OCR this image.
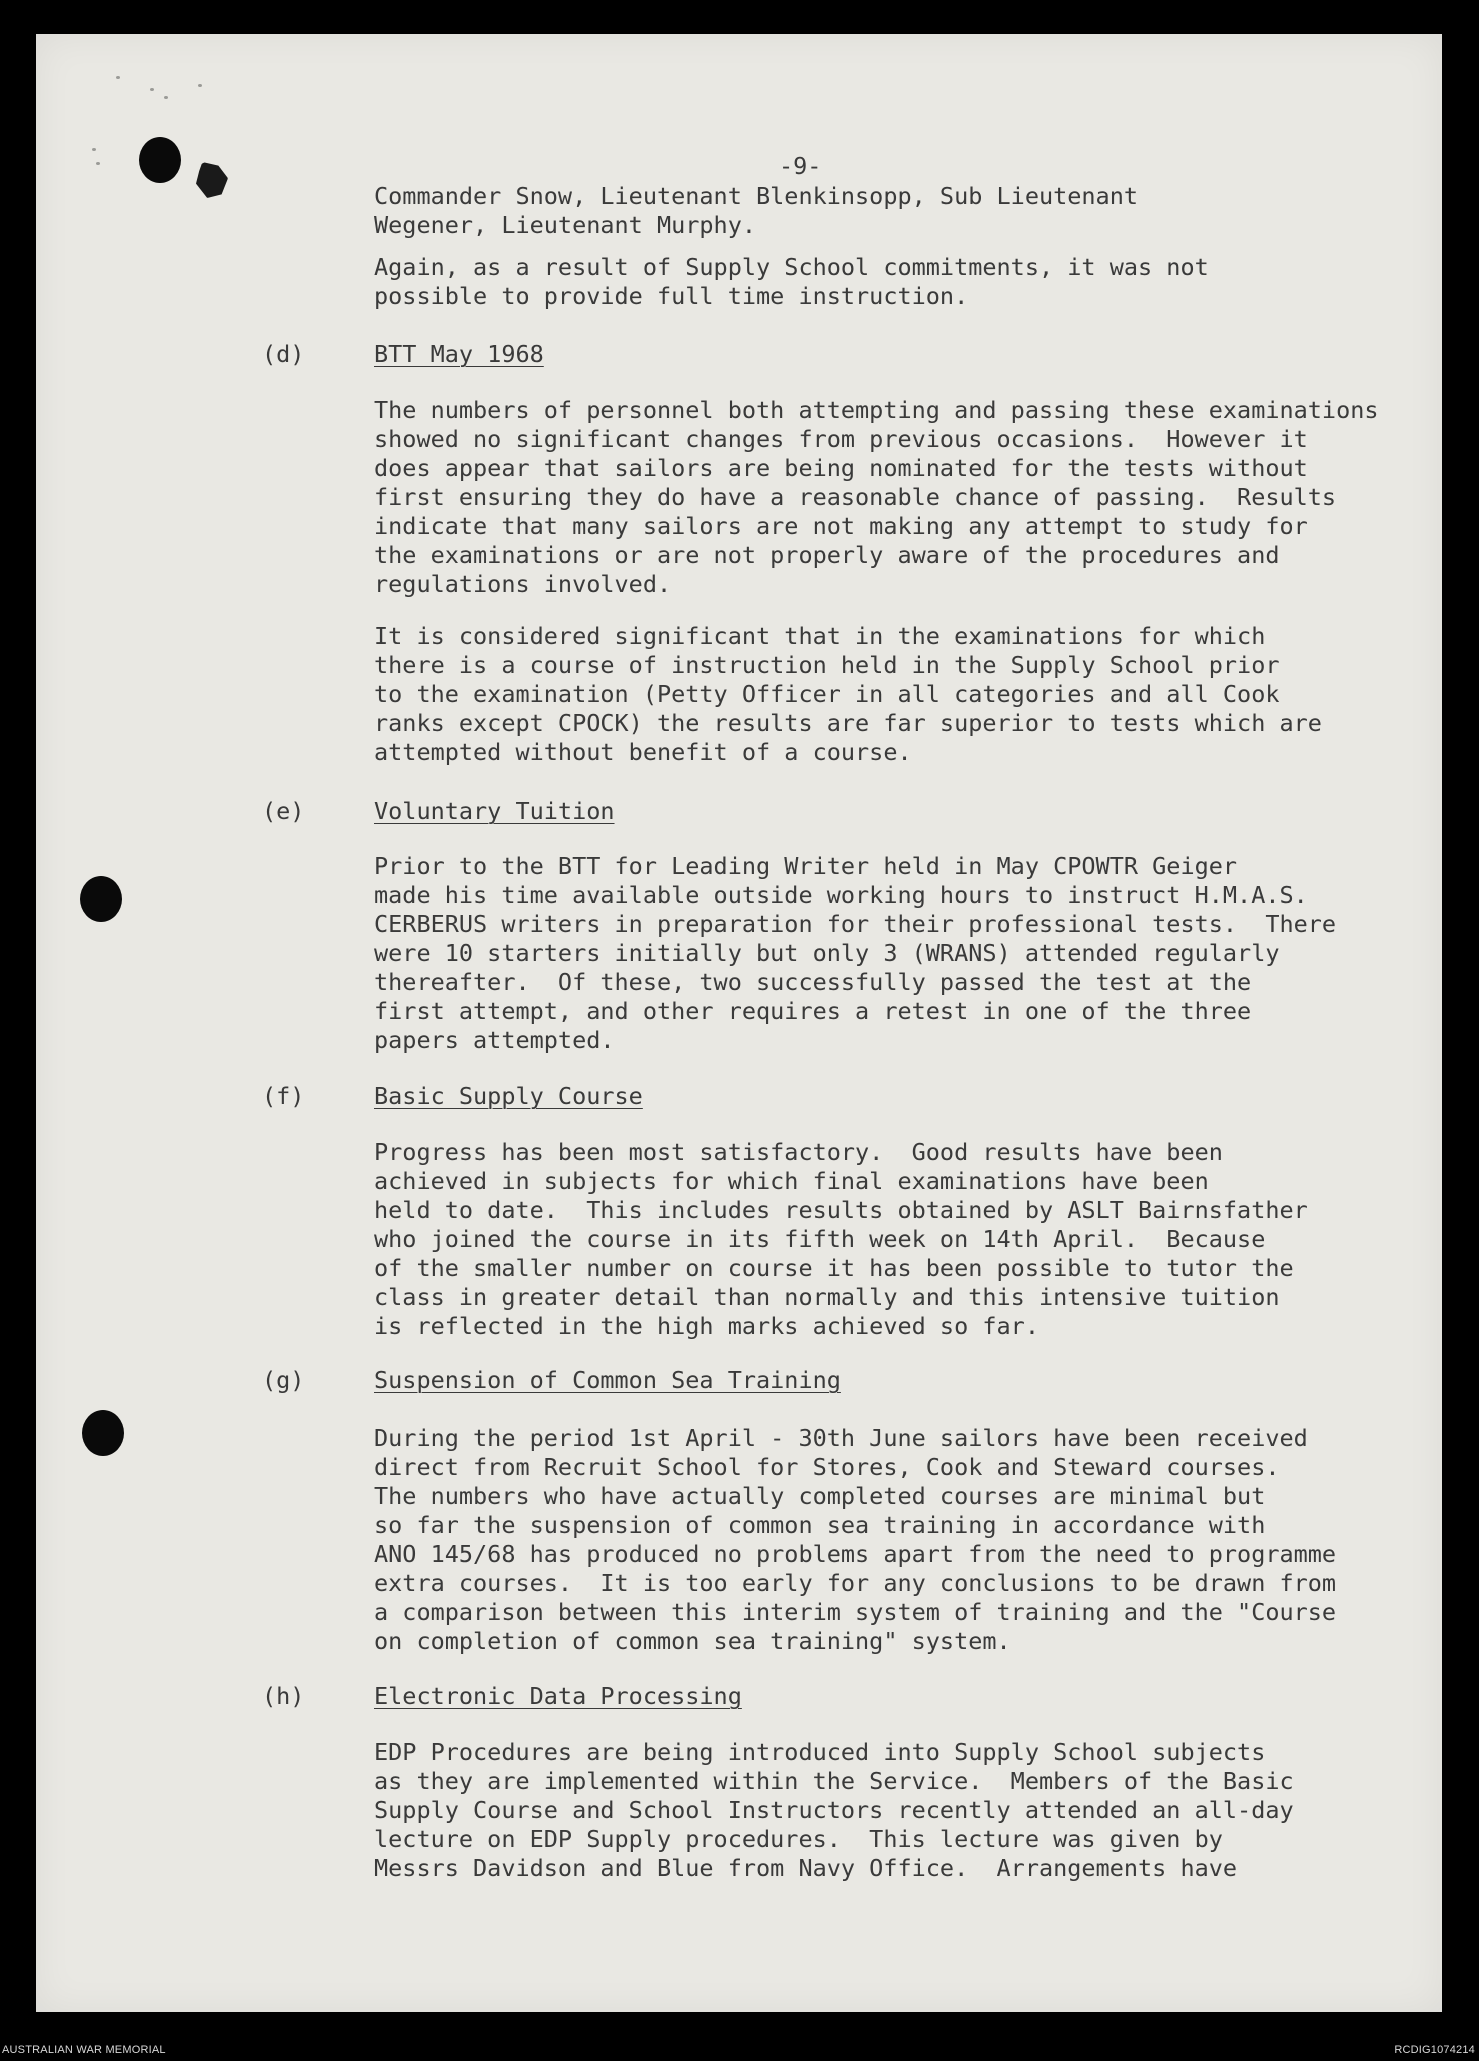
-9-

Commander Snow, Lieutenant Blenkinsopp, Sub Lieutenant
Wegener, Lieutenant Murphy.

Again, as a result of Supply School commitments, it was not
possible to provide full time instruction.

(d)	BTT May 1968

The numbers of personnel both attempting and passing these examinations
showed no significant changes from previous occasions.  However it
does appear that sailors are being nominated for the tests without
first ensuring they do have a reasonable chance of passing.  Results
indicate that many sailors are not making any attempt to study for
the examinations or are not properly aware of the procedures and
regulations involved.

It is considered significant that in the examinations for which
there is a course of instruction held in the Supply School prior
to the examination (Petty Officer in all categories and all Cook
ranks except CPOCK) the results are far superior to tests which are
attempted without benefit of a course.

(e)	Voluntary Tuition

Prior to the BTT for Leading Writer held in May CPOWTR Geiger
made his time available outside working hours to instruct H.M.A.S.
CERBERUS writers in preparation for their professional tests.  There
were 10 starters initially but only 3 (WRANS) attended regularly
thereafter.  Of these, two successfully passed the test at the
first attempt, and other requires a retest in one of the three
papers attempted.

(f)	Basic Supply Course

Progress has been most satisfactory.  Good results have been
achieved in subjects for which final examinations have been
held to date.  This includes results obtained by ASLT Bairnsfather
who joined the course in its fifth week on 14th April.  Because
of the smaller number on course it has been possible to tutor the
class in greater detail than normally and this intensive tuition
is reflected in the high marks achieved so far.

(g)	Suspension of Common Sea Training

During the period 1st April - 30th June sailors have been received
direct from Recruit School for Stores, Cook and Steward courses.
The numbers who have actually completed courses are minimal but
so far the suspension of common sea training in accordance with
ANO 145/68 has produced no problems apart from the need to programme
extra courses.  It is too early for any conclusions to be drawn from
a comparison between this interim system of training and the "Course
on completion of common sea training" system.

(h)	Electronic Data Processing

EDP Procedures are being introduced into Supply School subjects
as they are implemented within the Service.  Members of the Basic
Supply Course and School Instructors recently attended an all-day
lecture on EDP Supply procedures.  This lecture was given by
Messrs Davidson and Blue from Navy Office.  Arrangements have

AUSTRALIAN WAR MEMORIAL	RCDIG1074214
